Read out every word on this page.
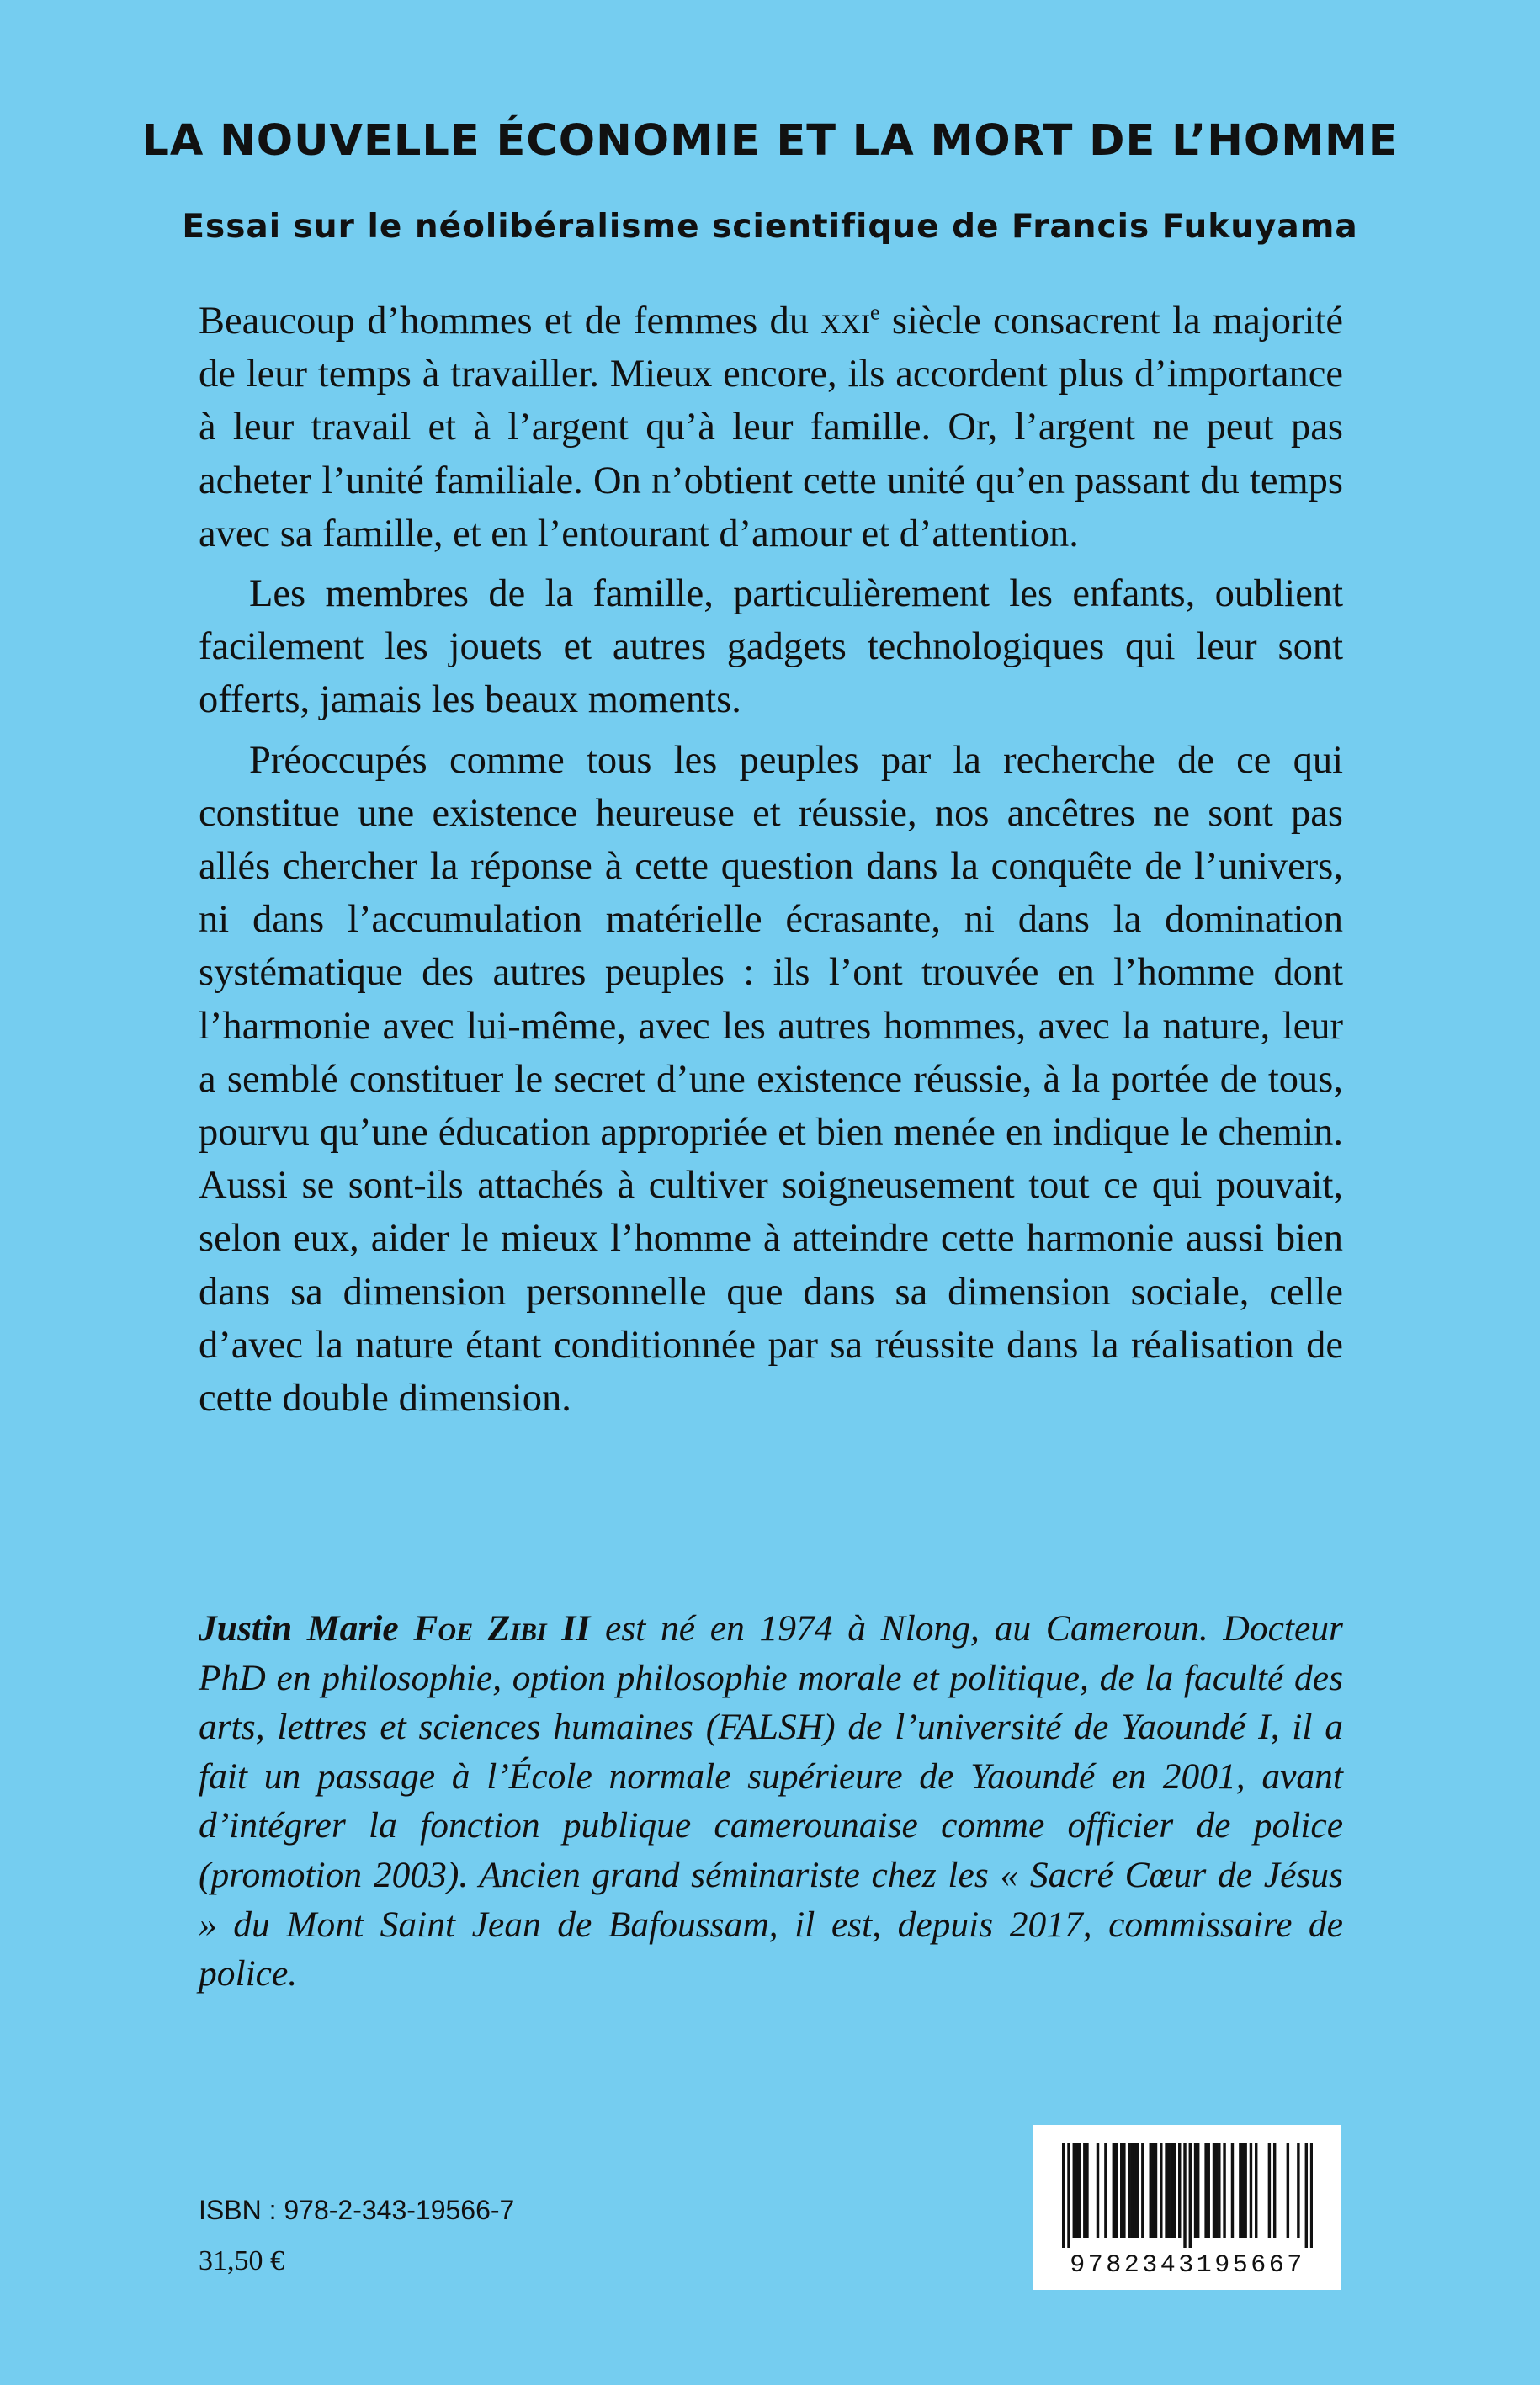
LA NOUVELLE ÉCONOMIE ET LA MORT DE L’HOMME
Essai sur le néolibéralisme scientifique de Francis Fukuyama

Beaucoup d’hommes et de femmes du xxi$^e$ siècle consacrent la majorité de leur temps à travailler. Mieux encore, ils accordent plus d’importance à leur travail et à l’argent qu’à leur famille. Or, l’argent ne peut pas acheter l’unité familiale. On n’obtient cette unité qu’en passant du temps avec sa famille, et en l’entourant d’amour et d’attention.

Les membres de la famille, particulièrement les enfants, oublient facilement les jouets et autres gadgets technologiques qui leur sont offerts, jamais les beaux moments.

Préoccupés comme tous les peuples par la recherche de ce qui constitue une existence heureuse et réussie, nos ancêtres ne sont pas allés chercher la réponse à cette question dans la conquête de l’univers, ni dans l’accumulation matérielle écrasante, ni dans la domination systématique des autres peuples : ils l’ont trouvée en l’homme dont l’harmonie avec lui-même, avec les autres hommes, avec la nature, leur a semblé constituer le secret d’une existence réussie, à la portée de tous, pourvu qu’une éducation appropriée et bien menée en indique le chemin. Aussi se sont-ils attachés à cultiver soigneusement tout ce qui pouvait, selon eux, aider le mieux l’homme à atteindre cette harmonie aussi bien dans sa dimension personnelle que dans sa dimension sociale, celle d’avec la nature étant conditionnée par sa réussite dans la réalisation de cette double dimension.

Justin Marie Foe Zibi II est né en 1974 à Nlong, au Cameroun. Docteur PhD en philosophie, option philosophie morale et politique, de la faculté des arts, lettres et sciences humaines (FALSH) de l’université de Yaoundé I, il a fait un passage à l’École normale supérieure de Yaoundé en 2001, avant d’intégrer la fonction publique camerounaise comme officier de police (promotion 2003). Ancien grand séminariste chez les « Sacré Cœur de Jésus » du Mont Saint Jean de Bafoussam, il est, depuis 2017, commissaire de police.

ISBN : 978-2-343-19566-7

31,50 €	9782343195667
